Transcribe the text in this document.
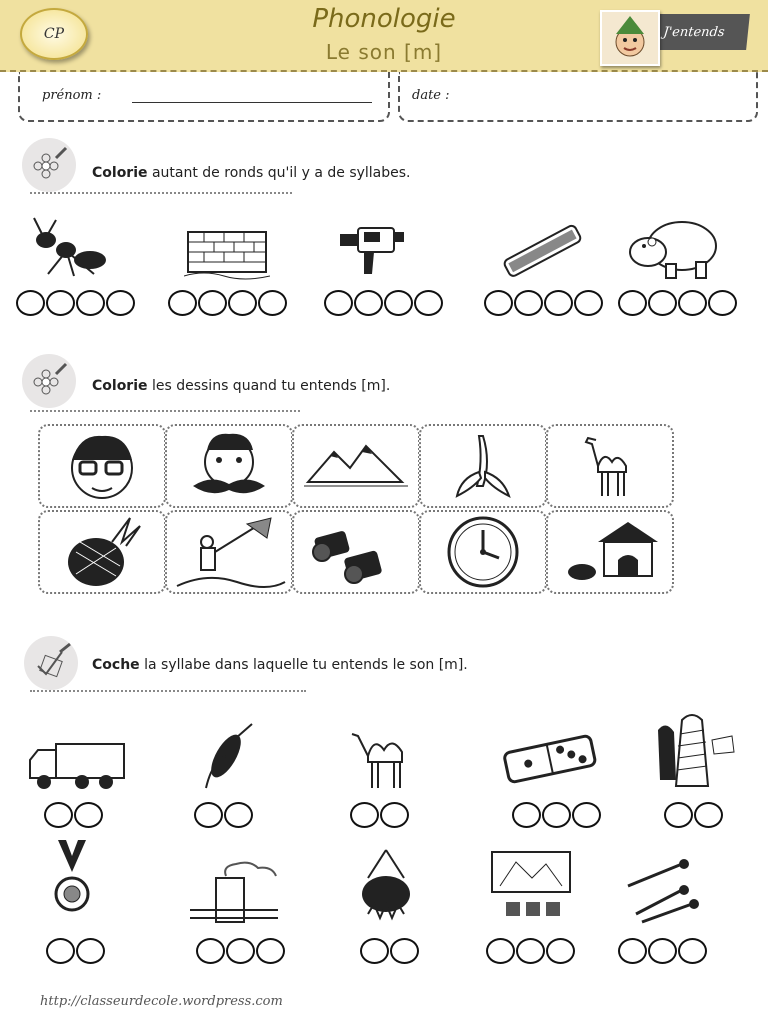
CP	Phonologie
Le son [m]
J'entends
prénom :	date :
Colorie autant de ronds qu'il y a de syllabes.
Colorie les dessins quand tu entends [m].
Coche la syllabe dans laquelle tu entends le son [m].
http://classeurdecole.wordpress.com
